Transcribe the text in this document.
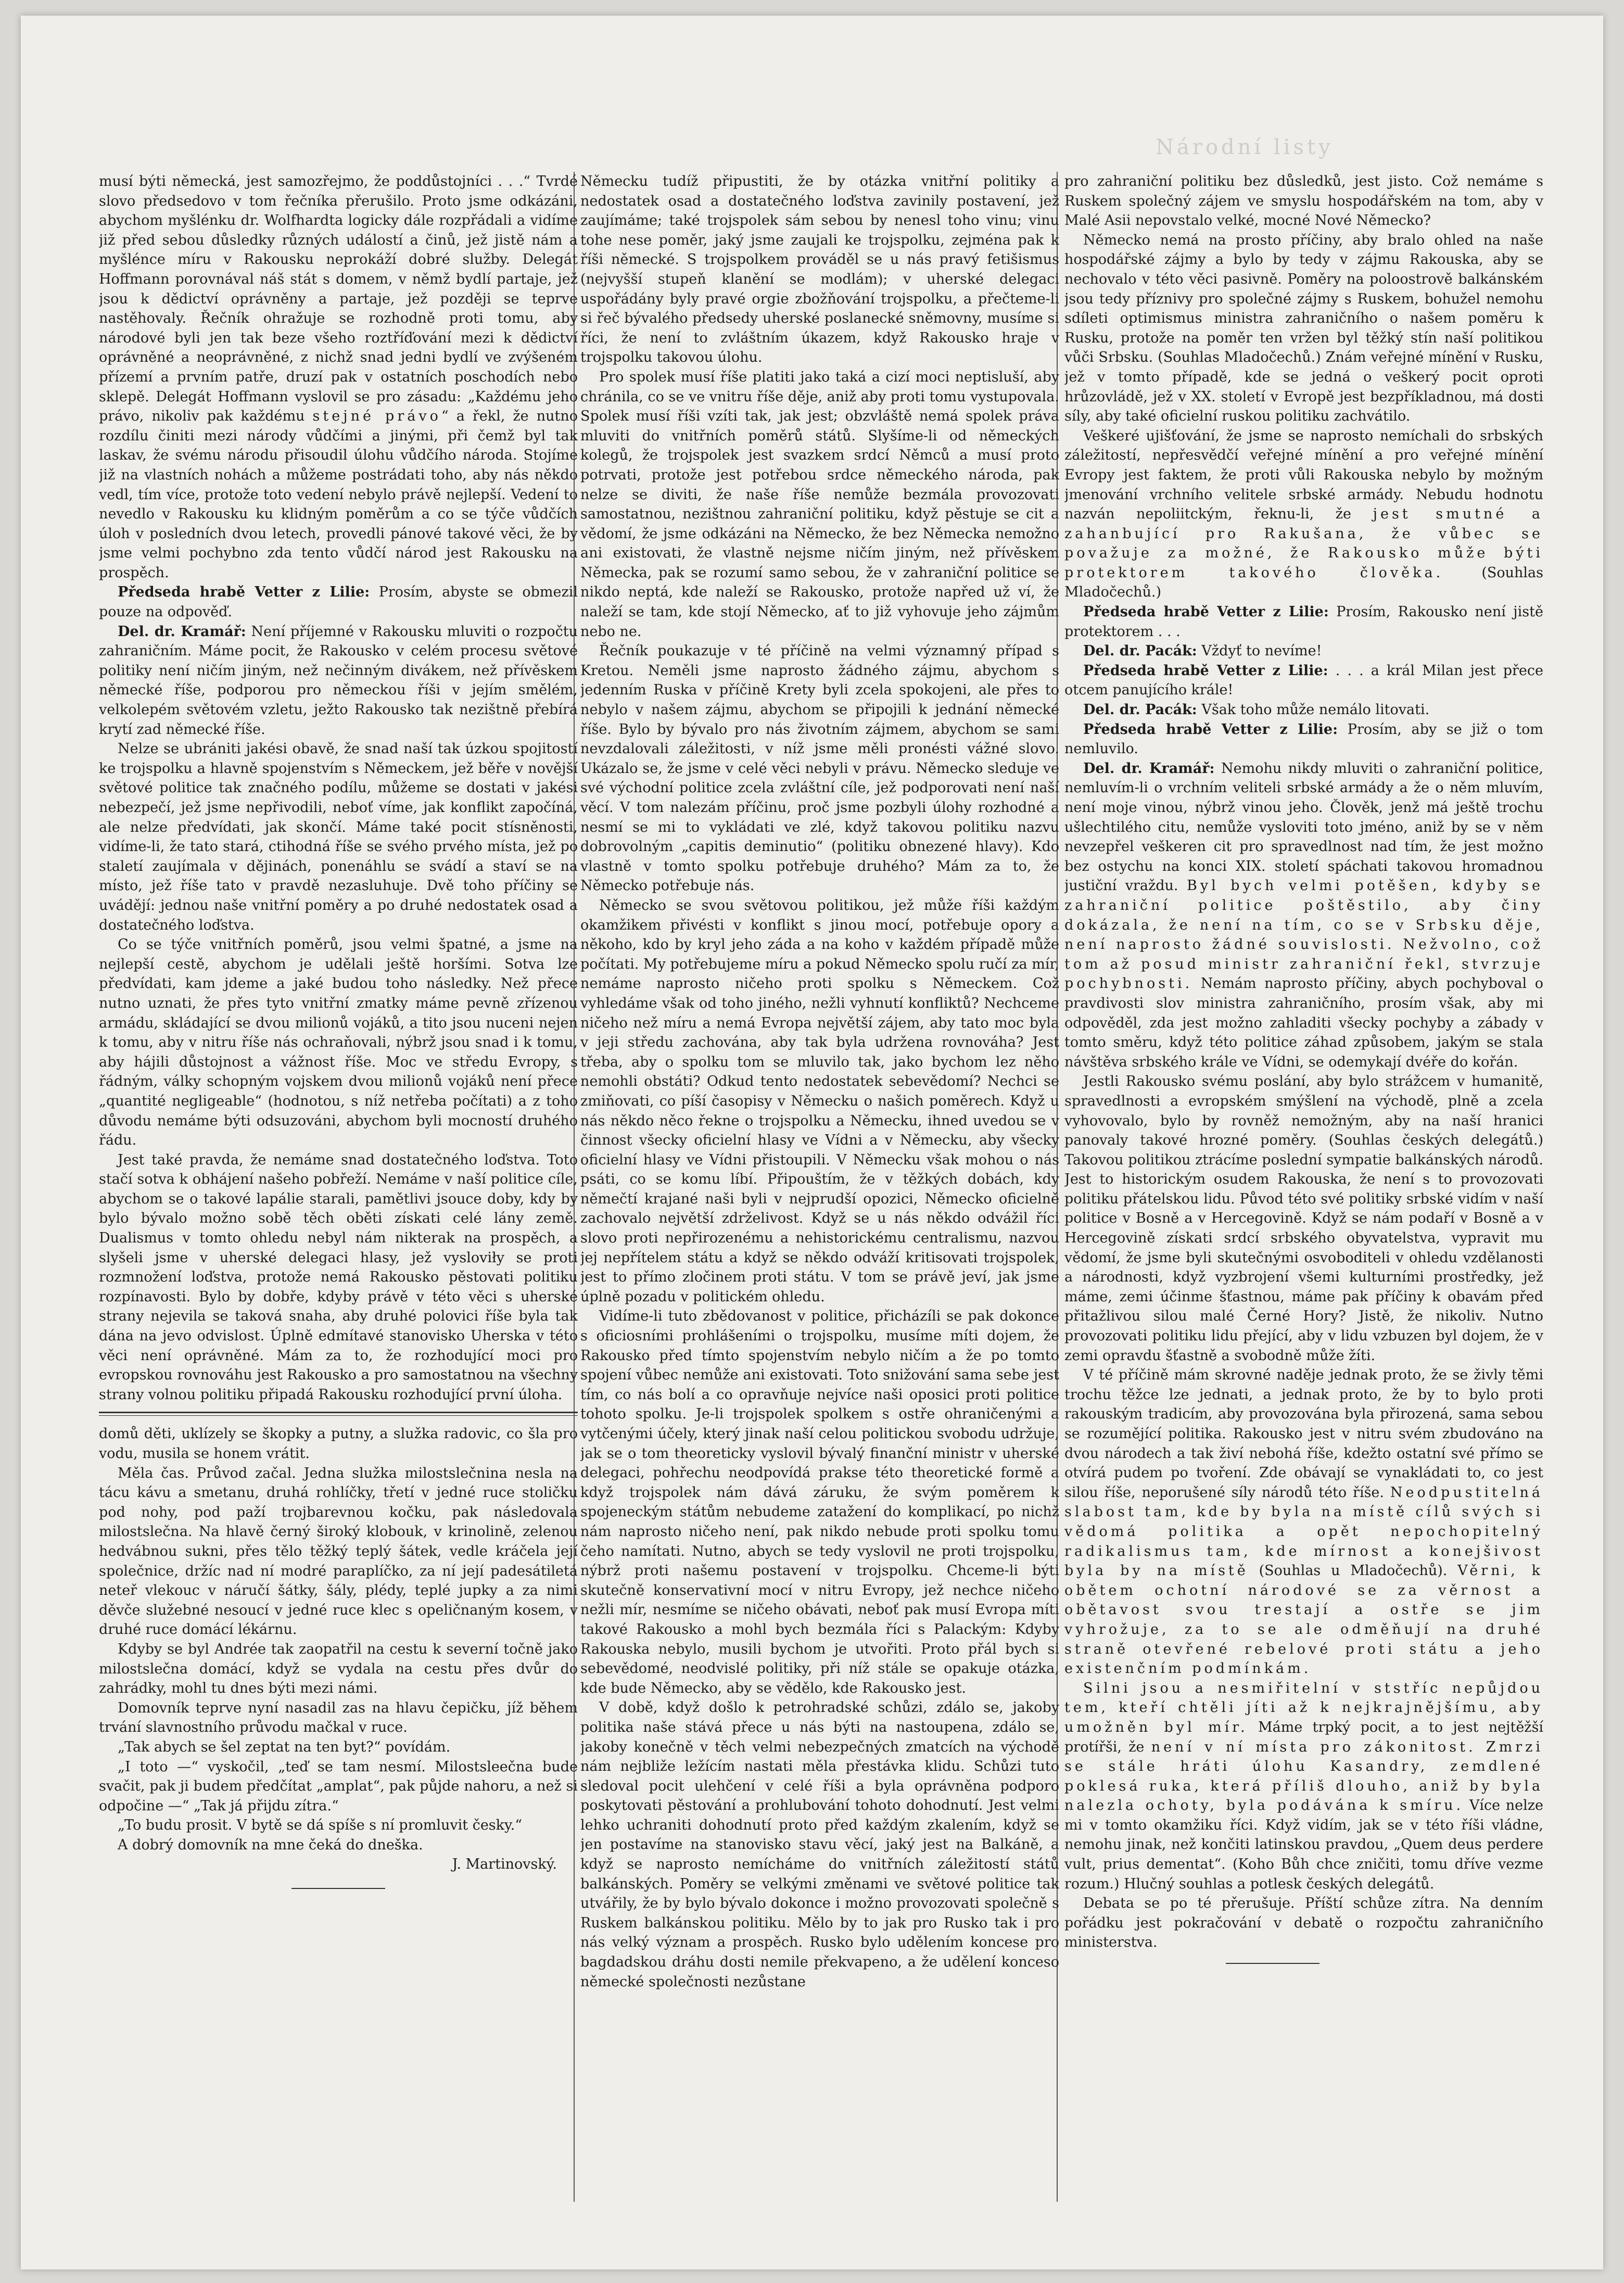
Národní listy

musí býti německá, jest samozřejmo, že poddůstojníci . . .“ Tvrdé slovo předsedovo v tom řečníka přerušilo. Proto jsme odkázáni, abychom myšlénku dr. Wolfhardta logicky dále rozpřádali a vidíme již před sebou důsledky různých událostí a činů, jež jistě nám a myšlénce míru v Rakousku neprokáží dobré služby. Delegát Hoffmann porovnával náš stát s domem, v němž bydlí partaje, jež jsou k dědictví oprávněny a partaje, jež později se teprve nastěhovaly. Řečník ohražuje se rozhodně proti tomu, aby národové byli jen tak beze všeho roztříďování mezi k dědictví oprávněné a neoprávněné, z nichž snad jedni bydlí ve zvýšeném přízemí a prvním patře, druzí pak v ostatních poschodích nebo sklepě. Delegát Hoffmann vyslovil se pro zásadu: „Každému jeho právo, nikoliv pak každému stejné právo“ a řekl, že nutno rozdílu činiti mezi národy vůdčími a jinými, při čemž byl tak laskav, že svému národu přisoudil úlohu vůdčího národa. Stojíme již na vlastních nohách a můžeme postrádati toho, aby nás někdo vedl, tím více, protože toto vedení nebylo právě nejlepší. Vedení to nevedlo v Rakousku ku klidným poměrům a co se týče vůdčích úloh v posledních dvou letech, provedli pánové takové věci, že by jsme velmi pochybno zda tento vůdčí národ jest Rakousku na prospěch.

Předseda hrabě Vetter z Lilie: Prosím, abyste se obmezil pouze na odpověď.

Del. dr. Kramář: Není příjemné v Rakousku mluviti o rozpočtu zahraničním. Máme pocit, že Rakousko v celém procesu světové politiky není ničím jiným, než nečinným divákem, než přívěskem německé říše, podporou pro německou říši v jejím smělém, velkolepém světovém vzletu, ježto Rakousko tak nezištně přebírá krytí zad německé říše.

Nelze se ubrániti jakési obavě, že snad naší tak úzkou spojitostí ke trojspolku a hlavně spojenstvím s Německem, jež běře v novější světové politice tak značného podílu, můžeme se dostati v jakési nebezpečí, jež jsme nepřivodili, neboť víme, jak konflikt započíná, ale nelze předvídati, jak skončí. Máme také pocit stísněnosti, vidíme-li, že tato stará, ctihodná říše se svého prvého místa, jež po staletí zaujímala v dějinách, ponenáhlu se svádí a staví se na místo, jež říše tato v pravdě nezasluhuje. Dvě toho příčiny se uvádějí: jednou naše vnitřní poměry a po druhé nedostatek osad a dostatečného loďstva.

Co se týče vnitřních poměrů, jsou velmi špatné, a jsme na nejlepší cestě, abychom je udělali ještě horšími. Sotva lze předvídati, kam jdeme a jaké budou toho následky. Než přece nutno uznati, že přes tyto vnitřní zmatky máme pevně zřízenou armádu, skládající se dvou milionů vojáků, a tito jsou nuceni nejen k tomu, aby v nitru říše nás ochraňovali, nýbrž jsou snad i k tomu, aby hájili důstojnost a vážnost říše. Moc ve středu Evropy, s řádným, války schopným vojskem dvou milionů vojáků není přece „quantité negligeable“ (hodnotou, s níž netřeba počítati) a z toho důvodu nemáme býti odsuzováni, abychom byli mocností druhého řádu.

Jest také pravda, že nemáme snad dostatečného loďstva. Toto stačí sotva k obhájení našeho pobřeží. Nemáme v naší politice cíle, abychom se o takové lapálie starali, pamětlivi jsouce doby, kdy by bylo bývalo možno sobě těch oběti získati celé lány země. Dualismus v tomto ohledu nebyl nám nikterak na prospěch, a slyšeli jsme v uherské delegaci hlasy, jež vysloviły se proti rozmnožení loďstva, protože nemá Rakousko pěstovati politiku rozpínavosti. Bylo by dobře, kdyby právě v této věci s uherské strany nejevila se taková snaha, aby druhé polovici říše byla tak dána na jevo odvislost. Úplně edmítavé stanovisko Uherska v této věci není oprávněné. Mám za to, že rozhodující moci pro evropskou rovnováhu jest Rakousko a pro samostatnou na všechny strany volnou politiku připadá Rakousku rozhodující první úloha.

domů děti, uklízely se škopky a putny, a služka radovic, co šla pro vodu, musila se honem vrátit.

Měla čas. Průvod začal. Jedna služka milostslečnina nesla na tácu kávu a smetanu, druhá rohlíčky, třetí v jedné ruce stoličku pod nohy, pod paží trojbarevnou kočku, pak následovala milostslečna. Na hlavě černý široký klobouk, v krinolině, zelenou hedvábnou sukni, přes tělo těžký teplý šátek, vedle kráčela její společnice, držíc nad ní modré paraplíčko, za ní její padesátiletá neteř vlekouc v náručí šátky, šály, plédy, teplé jupky a za nimi děvče služebné nesoucí v jedné ruce klec s opeličnaným kosem, v druhé ruce domácí lékárnu.

Kdyby se byl Andrée tak zaopatřil na cestu k severní točně jako milostslečna domácí, když se vydala na cestu přes dvůr do zahrádky, mohl tu dnes býti mezi námi.

Domovník teprve nyní nasadil zas na hlavu čepičku, jíž během trvání slavnostního průvodu mačkal v ruce.

„Tak abych se šel zeptat na ten byt?“ povídám.

„I toto —“ vyskočil, „teď se tam nesmí. Milostsleečna bude svačit, pak ji budem předčítat „amplat“, pak půjde nahoru, a než si odpočine —“ „Tak já přijdu zítra.“

„To budu prosit. V bytě se dá spíše s ní promluvit česky.“

A dobrý domovník na mne čeká do dneška.

J. Martinovský.

Německu tudíž připustiti, že by otázka vnitřní politiky a nedostatek osad a dostatečného loďstva zavinily postavení, jež zaujímáme; také trojspolek sám sebou by nenesl toho vinu; vinu tohe nese poměr, jaký jsme zaujali ke trojspolku, zejména pak k říši německé. S trojspolkem prováděl se u nás pravý fetišismus (nejvyšší stupeň klanění se modlám); v uherské delegaci uspořádány byly pravé orgie zbožňování trojspolku, a přečteme-li si řeč bývalého předsedy uherské poslanecké sněmovny, musíme si říci, že není to zvláštním úkazem, když Rakousko hraje v trojspolku takovou úlohu.

Pro spolek musí říše platiti jako taká a cizí moci neptisluší, aby chránila, co se ve vnitru říše děje, aniž aby proti tomu vystupovala. Spolek musí říši vzíti tak, jak jest; obzvláště nemá spolek práva mluviti do vnitřních poměrů států. Slyšíme-li od německých kolegů, že trojspolek jest svazkem srdcí Němců a musí proto potrvati, protože jest potřebou srdce německého národa, pak nelze se diviti, že naše říše nemůže bezmála provozovati samostatnou, nezištnou zahraniční politiku, když pěstuje se cit a vědomí, že jsme odkázáni na Německo, že bez Německa nemožno ani existovati, že vlastně nejsme ničím jiným, než přívěskem Německa, pak se rozumí samo sebou, že v zahraniční politice se nikdo neptá, kde naleží se Rakousko, protože napřed už ví, že naleží se tam, kde stojí Německo, ať to již vyhovuje jeho zájmům nebo ne.

Řečník poukazuje v té příčině na velmi významný případ s Kretou. Neměli jsme naprosto žádného zájmu, abychom s jedenním Ruska v příčině Krety byli zcela spokojeni, ale přes to nebylo v našem zájmu, abychom se připojili k jednání německé říše. Bylo by bývalo pro nás životním zájmem, abychom se sami nevzdalovali záležitosti, v níž jsme měli pronésti vážné slovo. Ukázalo se, že jsme v celé věci nebyli v právu. Německo sleduje ve své východní politice zcela zvláštní cíle, jež podporovati není naší věcí. V tom nalezám příčinu, proč jsme pozbyli úlohy rozhodné a nesmí se mi to vykládati ve zlé, když takovou politiku nazvu dobrovolným „capitis deminutio“ (politiku obnezené hlavy). Kdo vlastně v tomto spolku potřebuje druhého? Mám za to, že Německo potřebuje nás.

Německo se svou světovou politikou, jež může říši každým okamžikem přivésti v konflikt s jinou mocí, potřebuje opory a někoho, kdo by kryl jeho záda a na koho v každém případě může počítati. My potřebujeme míru a pokud Německo spolu ručí za mír, nemáme naprosto ničeho proti spolku s Německem. Což vyhledáme však od toho jiného, nežli vyhnutí konfliktů? Nechceme ničeho než míru a nemá Evropa největší zájem, aby tato moc byla v jeji středu zachována, aby tak byla udržena rovnováha? Jest třeba, aby o spolku tom se mluvilo tak, jako bychom lez něho nemohli obstáti? Odkud tento nedostatek sebevědomí? Nechci se zmiňovati, co píší časopisy v Německu o našich poměrech. Když u nás někdo něco řekne o trojspolku a Německu, ihned uvedou se v činnost všecky oficielní hlasy ve Vídni a v Německu, aby všecky oficielní hlasy ve Vídni přistoupili. V Německu však mohou o nás psáti, co se komu líbí. Připouštím, že v těžkých dobách, kdy němečtí krajané naši byli v nejprudší opozici, Německo oficielně zachovalo největší zdrželivost. Když se u nás někdo odvážil říci slovo proti nepřirozenému a nehistorickému centralismu, nazvou jej nepřítelem státu a když se někdo odváží kritisovati trojspolek, jest to přímo zločinem proti státu. V tom se právě jeví, jak jsme úplně pozadu v politickém ohledu.

Vidíme-li tuto zbědovanost v politice, přicházíli se pak dokonce s oficiosními prohlášeními o trojspolku, musíme míti dojem, že Rakousko před tímto spojenstvím nebylo ničím a že po tomto spojení vůbec nemůže ani existovati. Toto snižování sama sebe jest tím, co nás bolí a co opravňuje nejvíce naši oposici proti politice tohoto spolku. Je-li trojspolek spolkem s ostře ohraničenými a vytčenými účely, který jinak naší celou politickou svobodu udržuje, jak se o tom theoreticky vyslovil bývalý finanční ministr v uherské delegaci, pohřechu neodpovídá prakse této theoretické formě a když trojspolek nám dává záruku, že svým poměrem k spojeneckým státům nebudeme zatažení do komplikací, po nichž nám naprosto ničeho není, pak nikdo nebude proti spolku tomu čeho namítati. Nutno, abych se tedy vyslovil ne proti trojspolku, nýbrž proti našemu postavení v trojspolku. Chceme-li býti skutečně konservativní mocí v nitru Evropy, jež nechce ničeho nežli mír, nesmíme se ničeho obávati, neboť pak musí Evropa míti takové Rakousko a mohl bych bezmála říci s Palackým: Kdyby Rakouska nebylo, musili bychom je utvořiti. Proto přál bych si sebevědomé, neodvislé politiky, při níž stále se opakuje otázka, kde bude Německo, aby se vědělo, kde Rakousko jest.

V době, když došlo k petrohradské schůzi, zdálo se, jakoby politika naše stává přece u nás býti na nastoupena, zdálo se, jakoby konečně v těch velmi nebezpečných zmatcích na východě nám nejbliže ležícím nastati měla přestávka klidu. Schůzi tuto sledoval pocit ulehčení v celé říši a byla oprávněna podporo poskytovati pěstování a prohlubování tohoto dohodnutí. Jest velmi lehko uchraniti dohodnutí proto před každým zkalením, když se jen postavíme na stanovisko stavu věcí, jaký jest na Balkáně, a když se naprosto nemícháme do vnitřních záležitostí států balkánských. Poměry se velkými změnami ve světové politice tak utvářily, že by bylo bývalo dokonce i možno provozovati společně s Ruskem balkánskou politiku. Mělo by to jak pro Rusko tak i pro nás velký význam a prospěch. Rusko bylo udělením koncese pro bagdadskou dráhu dosti nemile překvapeno, a že udělení konceso německé společnosti nezůstane

pro zahraniční politiku bez důsledků, jest jisto. Což nemáme s Ruskem společný zájem ve smyslu hospodářském na tom, aby v Malé Asii nepovstalo velké, mocné Nové Německo?

Německo nemá na prosto příčiny, aby bralo ohled na naše hospodářské zájmy a bylo by tedy v zájmu Rakouska, aby se nechovalo v této věci pasivně. Poměry na poloostrově balkánském jsou tedy příznivy pro společné zájmy s Ruskem, bohužel nemohu sdíleti optimismus ministra zahraničního o našem poměru k Rusku, protože na poměr ten vržen byl těžký stín naší politikou vůči Srbsku. (Souhlas Mladočechů.) Znám veřejné mínění v Rusku, jež v tomto případě, kde se jedná o veškerý pocit oproti hrůzovládě, jež v XX. století v Evropě jest bezpříkladnou, má dosti síly, aby také oficielní ruskou politiku zachvátilo.

Veškeré ujišťování, že jsme se naprosto nemíchali do srbských záležitostí, nepřesvědčí veřejné mínění a pro veřejné mínění Evropy jest faktem, že proti vůli Rakouska nebylo by možným jmenování vrchního velitele srbské armády. Nebudu hodnotu nazván nepoliitckým, řeknu-li, že jest smutné a zahanbující pro Rakušana, že vůbec se považuje za možné, že Rakousko může býti protektorem takového člověka. (Souhlas Mladočechů.)

Předseda hrabě Vetter z Lilie: Prosím, Rakousko není jistě protektorem . . .

Del. dr. Pacák: Vždyť to nevíme!

Předseda hrabě Vetter z Lilie: . . . a král Milan jest přece otcem panujícího krále!

Del. dr. Pacák: Však toho může nemálo litovati.

Předseda hrabě Vetter z Lilie: Prosím, aby se již o tom nemluvilo.

Del. dr. Kramář: Nemohu nikdy mluviti o zahraniční politice, nemluvím-li o vrchním veliteli srbské armády a že o něm mluvím, není moje vinou, nýbrž vinou jeho. Člověk, jenž má ještě trochu ušlechtilého citu, nemůže vysloviti toto jméno, aniž by se v něm nevzepřel veškeren cit pro spravedlnost nad tím, že jest možno bez ostychu na konci XIX. století spáchati takovou hromadnou justiční vraždu. Byl bych velmi potěšen, kdyby se zahraniční politice poštěstilo, aby činy dokázala, že není na tím, co se v Srbsku děje, není naprosto žádné souvislosti. Nežvolno, což tom až posud ministr zahraniční řekl, stvrzuje pochybnosti. Nemám naprosto příčiny, abych pochyboval o pravdivosti slov ministra zahraničního, prosím však, aby mi odpověděl, zda jest možno zahladiti všecky pochyby a zábady v tomto směru, když této politice záhad způsobem, jakým se stala návštěva srbského krále ve Vídni, se odemykají dvéře do kořán.

Jestli Rakousko svému poslání, aby bylo strážcem v humanitě, spravedlnosti a evropském smýšlení na východě, plně a zcela vyhovovalo, bylo by rovněž nemožným, aby na naší hranici panovaly takové hrozné poměry. (Souhlas českých delegátů.) Takovou politikou ztrácíme poslední sympatie balkánských národů. Jest to historickým osudem Rakouska, že není s to provozovati politiku přátelskou lidu. Původ této své politiky srbské vidím v naší politice v Bosně a v Hercegovině. Když se nám podaří v Bosně a v Hercegovině získati srdcí srbského obyvatelstva, vypravit mu vědomí, že jsme byli skutečnými osvoboditeli v ohledu vzdělanosti a národnosti, když vyzbrojení všemi kulturními prostředky, jež máme, zemi účinme šťastnou, máme pak příčiny k obavám před přitažlivou silou malé Černé Hory? Jistě, že nikoliv. Nutno provozovati politiku lidu přející, aby v lidu vzbuzen byl dojem, že v zemi opravdu šťastně a svobodně může žíti.

V té příčině mám skrovné naděje jednak proto, že se živly těmi trochu těžce lze jednati, a jednak proto, že by to bylo proti rakouským tradicím, aby provozována byla přirozená, sama sebou se rozumějící politika. Rakousko jest v nitru svém zbudováno na dvou národech a tak živí nebohá říše, kdežto ostatní své přímo se otvírá pudem po tvoření. Zde obávají se vynakládati to, co jest silou říše, neporušené síly národů této říše. Neodpustitelná slabost tam, kde by byla na místě cílů svých si vědomá politika a opět nepochopitelný radikalismus tam, kde mírnost a konejšivost byla by na místě (Souhlas u Mladočechů). Věrni, k obětem ochotní národové se za věrnost a obětavost svou trestají a ostře se jim vyhrožuje, za to se ale odměňují na druhé straně otevřené rebelové proti státu a jeho existenčním podmínkám.

Silni jsou a nesmiřitelní v ststříc nepůjdou tem, kteří chtěli jíti až k nejkrajnějšímu, aby umožněn byl mír. Máme trpký pocit, a to jest nejtěžší protířši, že není v ní místa pro zákonitost. Zmrzi se stále hráti úlohu Kasandry, zemdlené poklesá ruka, která příliš dlouho, aniž by byla nalezla ochoty, byla podávána k smíru. Více nelze mi v tomto okamžiku říci. Když vidím, jak se v této říši vládne, nemohu jinak, než končiti latinskou pravdou, „Quem deus perdere vult, prius dementat“. (Koho Bůh chce zničiti, tomu dříve vezme rozum.) Hlučný souhlas a potlesk českých delegátů.

Debata se po té přerušuje. Příští schůze zítra. Na denním pořádku jest pokračování v debatě o rozpočtu zahraničního ministerstva.
